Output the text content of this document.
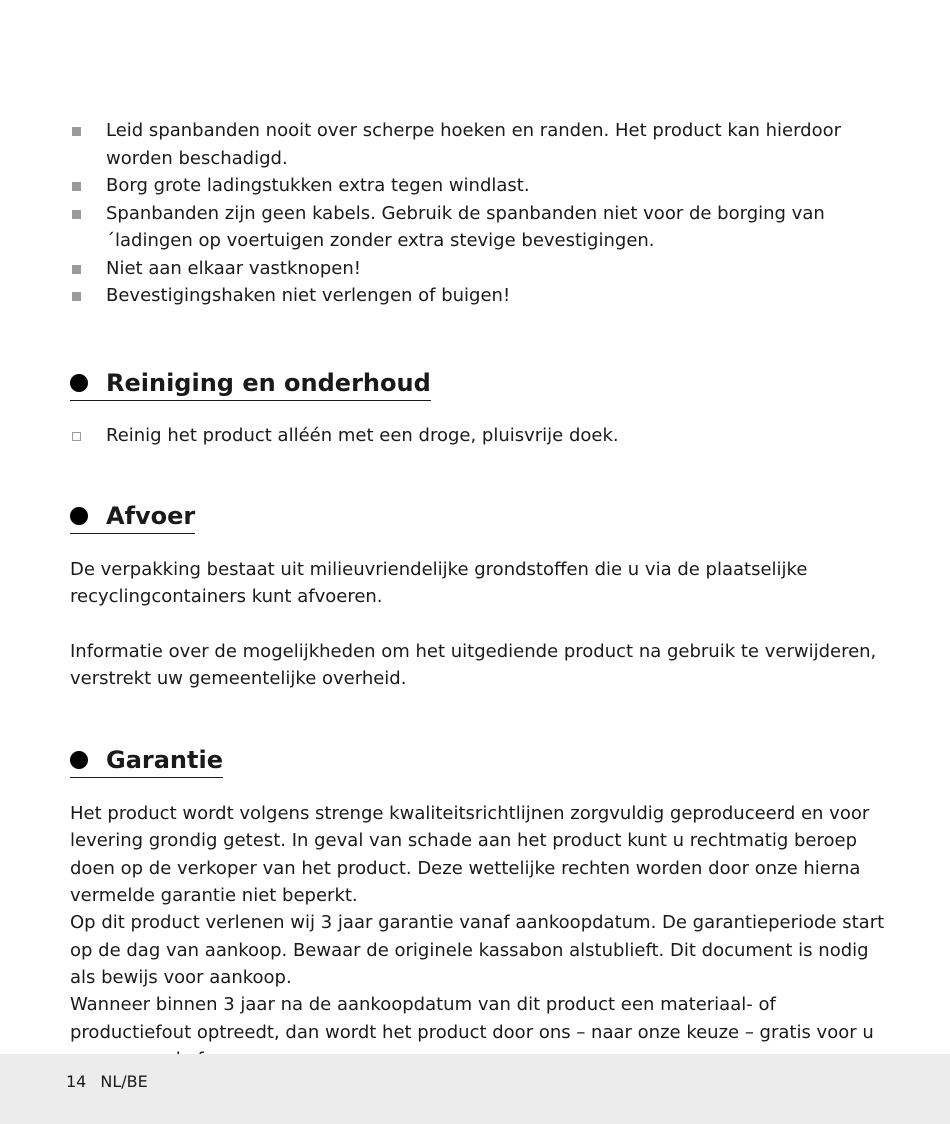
Leid spanbanden nooit over scherpe hoeken en randen. Het product kan hierdoor worden beschadigd.
Borg grote ladingstukken extra tegen windlast.
Spanbanden zijn geen kabels. Gebruik de spanbanden niet voor de borging van ´ladingen op voertuigen zonder extra stevige bevestigingen.
Niet aan elkaar vastknopen!
Bevestigingshaken niet verlengen of buigen!
Reiniging en onderhoud
Reinig het product alléén met een droge, pluisvrije doek.
Afvoer

De verpakking bestaat uit milieuvriendelijke grondstoffen die u via de plaatselijke recyclingcontainers kunt afvoeren.

Informatie over de mogelijkheden om het uitgediende product na gebruik te verwijderen, verstrekt uw gemeentelijke overheid.

Garantie

Het product wordt volgens strenge kwaliteitsrichtlijnen zorgvuldig geproduceerd en voor levering grondig getest. In geval van schade aan het product kunt u rechtmatig beroep doen op de verkoper van het product. Deze wettelijke rechten worden door onze hierna vermelde garantie niet beperkt.

Op dit product verlenen wij 3 jaar garantie vanaf aankoopdatum. De garantieperiode start op de dag van aankoop. Bewaar de originele kassabon alstublieft. Dit document is nodig als bewijs voor aankoop.

Wanneer binnen 3 jaar na de aankoopdatum van dit product een materiaal- of productiefout optreedt, dan wordt het product door ons – naar onze keuze – gratis voor u

14 NL/BE
